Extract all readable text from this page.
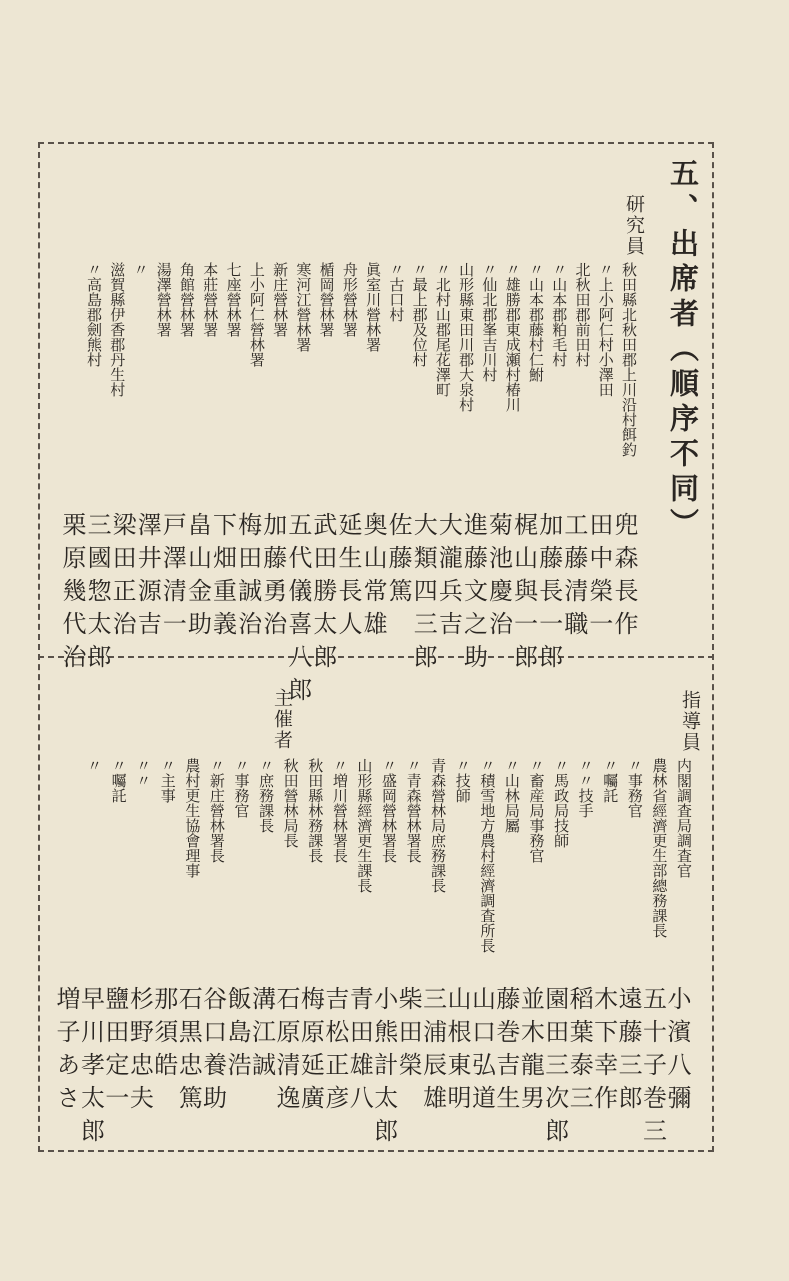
五、出席者（順序不同）
研究員
指導員
主催者
秋田縣北秋田郡上川沿村餌釣
〃上小阿仁村小澤田
北秋田郡前田村
〃山本郡粕毛村
〃山本郡藤村仁鮒
〃雄勝郡東成瀬村椿川
〃仙北郡峯吉川村
山形縣東田川郡大泉村
〃北村山郡尾花澤町
〃最上郡及位村
〃古口村
眞室川營林署
舟形營林署
楯岡營林署
寒河江營林署
新庄營林署
上小阿仁營林署
七座營林署
本莊營林署
角館營林署
湯澤營林署
〃
滋賀縣伊香郡丹生村
〃高島郡劍熊村
兜森長作
田中榮一
工藤清職
加藤長一郎
梶山與一郎
菊池慶治
進藤文之助
大瀧兵吉
大類四三郎
佐藤篤
奥山常雄
延生長人
武田勝太郎
五代儀喜八郎
加藤勇治
梅田誠治
下畑重義
畠山金助
戸澤清一
澤井源吉
梁田正治
三國惣太郎
栗原幾代治
内閣調査局調査官
農林省經濟更生部總務課長
〃事務官
〃囑託
〃〃技手
〃馬政局技師
〃畜産局事務官
〃山林局屬
〃積雪地方農村經濟調査所長
〃技師
青森營林局庶務課長
〃青森營林署長
〃盛岡營林署長
山形縣經濟更生課長
〃増川營林署長
秋田縣林務課長
秋田營林局長
〃庶務課長
〃事務官
〃新庄營林署長
農村更生協會理事
〃主事
〃〃
〃囑託
〃
小濱八彌
五十子巻三
遠藤三郎
木下幸作
稻葉泰三
園田三次郎
並木龍男
藤巻吉生
山口弘道
山根東明
三浦辰雄
柴田榮
小熊計太郎
青田雄八
吉松正彦
梅原延廣
石原清逸
溝江誠
飯島浩
谷口養助
石黒忠篤
那須皓
杉野忠夫
鹽田定一
早川孝太郎
増子あさ
